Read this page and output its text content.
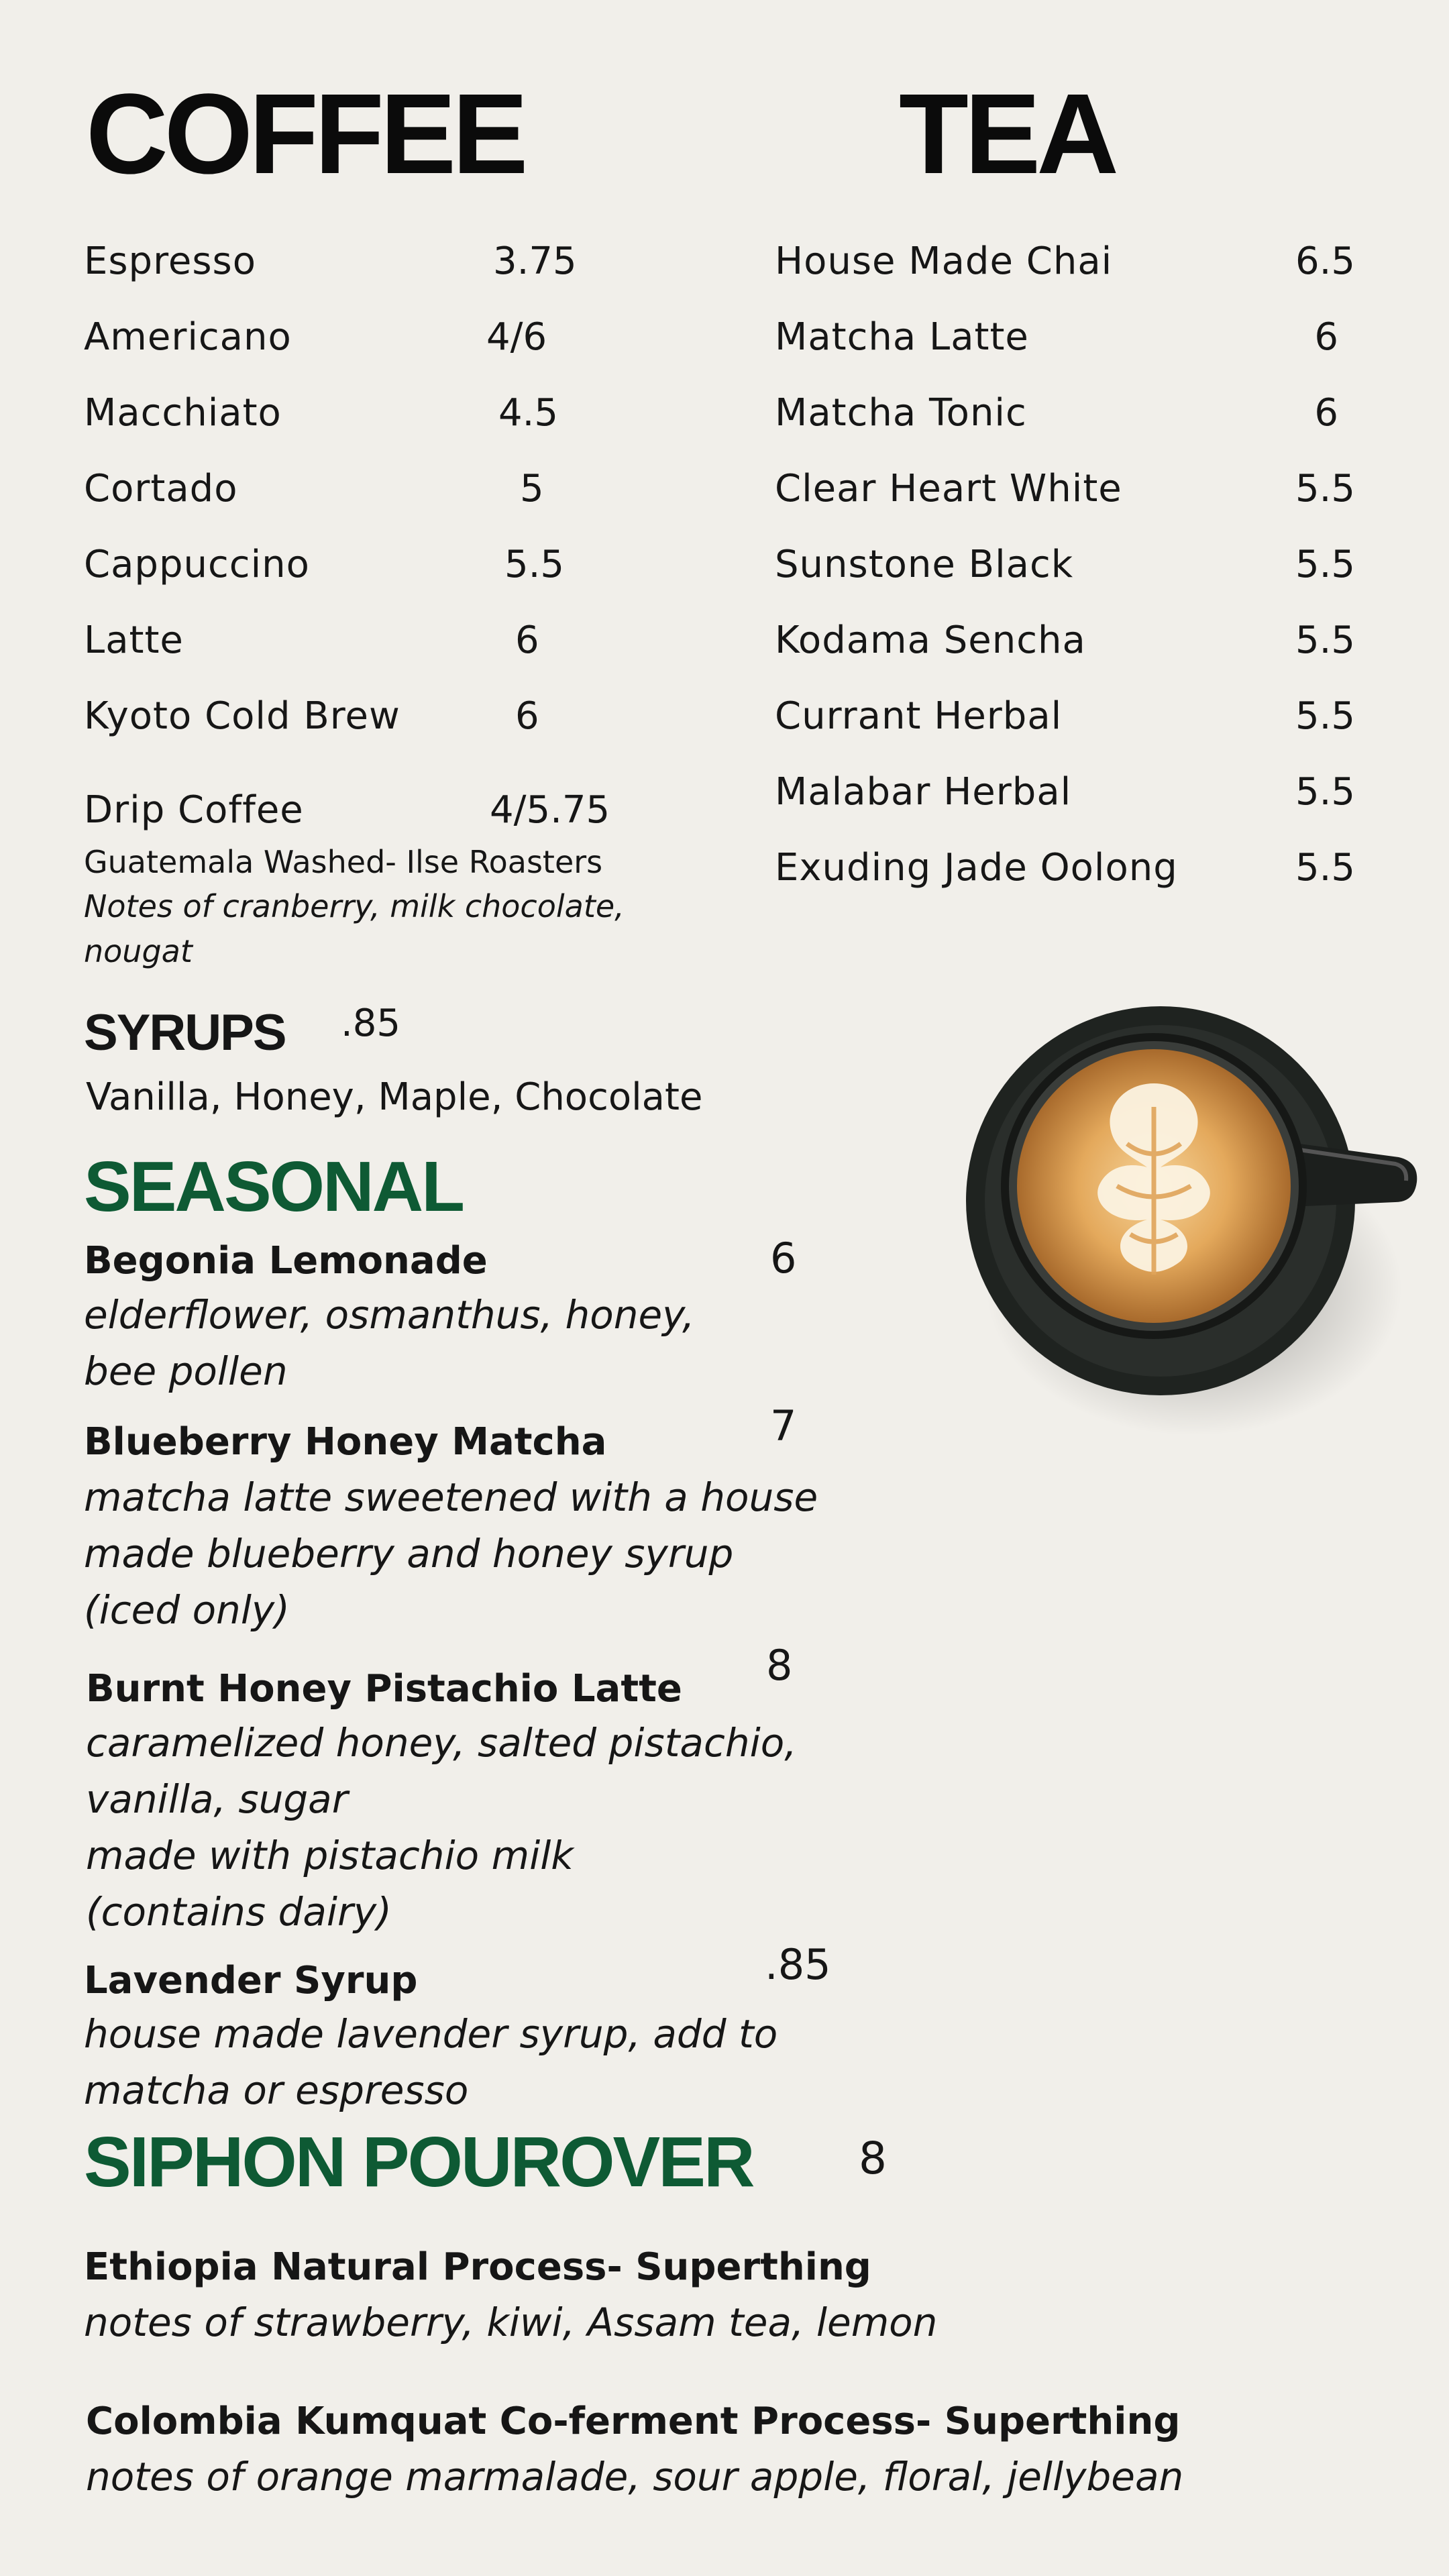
COFFEE
Espresso	3.75
Americano	4/6
Macchiato	4.5
Cortado	5
Cappuccino	5.5
Latte	6
Kyoto Cold Brew	6
Drip Coffee	4/5.75
Guatemala Washed- Ilse Roasters
Notes of cranberry, milk chocolate,
nougat
TEA
House Made Chai	6.5
Matcha Latte	6
Matcha Tonic	6
Clear Heart White	5.5
Sunstone Black	5.5
Kodama Sencha	5.5
Currant Herbal	5.5
Malabar Herbal	5.5
Exuding Jade Oolong	5.5
SYRUPS .85
Vanilla, Honey, Maple, Chocolate
SEASONAL
Begonia Lemonade	6
elderflower, osmanthus, honey,
bee pollen
Blueberry Honey Matcha	7
matcha latte sweetened with a house
made blueberry and honey syrup
(iced only)
Burnt Honey Pistachio Latte 8
caramelized honey, salted pistachio,
vanilla, sugar
made with pistachio milk
(contains dairy)
Lavender Syrup	.85
house made lavender syrup, add to
matcha or espresso
SIPHON POUROVER 8
Ethiopia Natural Process- Superthing
notes of strawberry, kiwi, Assam tea, lemon
Colombia Kumquat Co-ferment Process- Superthing
notes of orange marmalade, sour apple, floral, jellybean
